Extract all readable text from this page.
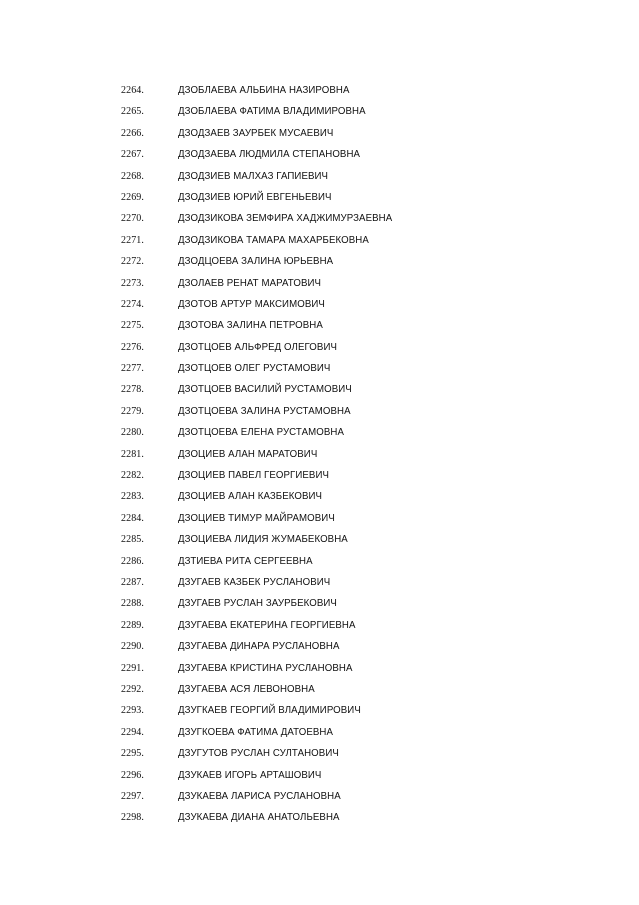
2264.	ДЗОБЛАЕВА АЛЬБИНА НАЗИРОВНА
2265.	ДЗОБЛАЕВА ФАТИМА ВЛАДИМИРОВНА
2266.	ДЗОДЗАЕВ ЗАУРБЕК МУСАЕВИЧ
2267.	ДЗОДЗАЕВА ЛЮДМИЛА СТЕПАНОВНА
2268.	ДЗОДЗИЕВ МАЛХАЗ ГАПИЕВИЧ
2269.	ДЗОДЗИЕВ ЮРИЙ ЕВГЕНЬЕВИЧ
2270.	ДЗОДЗИКОВА ЗЕМФИРА ХАДЖИМУРЗАЕВНА
2271.	ДЗОДЗИКОВА ТАМАРА МАХАРБЕКОВНА
2272.	ДЗОДЦОЕВА ЗАЛИНА ЮРЬЕВНА
2273.	ДЗОЛАЕВ РЕНАТ МАРАТОВИЧ
2274.	ДЗОТОВ АРТУР МАКСИМОВИЧ
2275.	ДЗОТОВА ЗАЛИНА ПЕТРОВНА
2276.	ДЗОТЦОЕВ АЛЬФРЕД ОЛЕГОВИЧ
2277.	ДЗОТЦОЕВ ОЛЕГ РУСТАМОВИЧ
2278.	ДЗОТЦОЕВ ВАСИЛИЙ РУСТАМОВИЧ
2279.	ДЗОТЦОЕВА ЗАЛИНА РУСТАМОВНА
2280.	ДЗОТЦОЕВА ЕЛЕНА РУСТАМОВНА
2281.	ДЗОЦИЕВ АЛАН МАРАТОВИЧ
2282.	ДЗОЦИЕВ ПАВЕЛ ГЕОРГИЕВИЧ
2283.	ДЗОЦИЕВ АЛАН КАЗБЕКОВИЧ
2284.	ДЗОЦИЕВ ТИМУР МАЙРАМОВИЧ
2285.	ДЗОЦИЕВА ЛИДИЯ ЖУМАБЕКОВНА
2286.	ДЗТИЕВА РИТА СЕРГЕЕВНА
2287.	ДЗУГАЕВ КАЗБЕК РУСЛАНОВИЧ
2288.	ДЗУГАЕВ РУСЛАН ЗАУРБЕКОВИЧ
2289.	ДЗУГАЕВА ЕКАТЕРИНА ГЕОРГИЕВНА
2290.	ДЗУГАЕВА ДИНАРА РУСЛАНОВНА
2291.	ДЗУГАЕВА КРИСТИНА РУСЛАНОВНА
2292.	ДЗУГАЕВА АСЯ ЛЕВОНОВНА
2293.	ДЗУГКАЕВ ГЕОРГИЙ ВЛАДИМИРОВИЧ
2294.	ДЗУГКОЕВА ФАТИМА ДАТОЕВНА
2295.	ДЗУГУТОВ РУСЛАН СУЛТАНОВИЧ
2296.	ДЗУКАЕВ ИГОРЬ АРТАШОВИЧ
2297.	ДЗУКАЕВА ЛАРИСА РУСЛАНОВНА
2298.	ДЗУКАЕВА ДИАНА АНАТОЛЬЕВНА
